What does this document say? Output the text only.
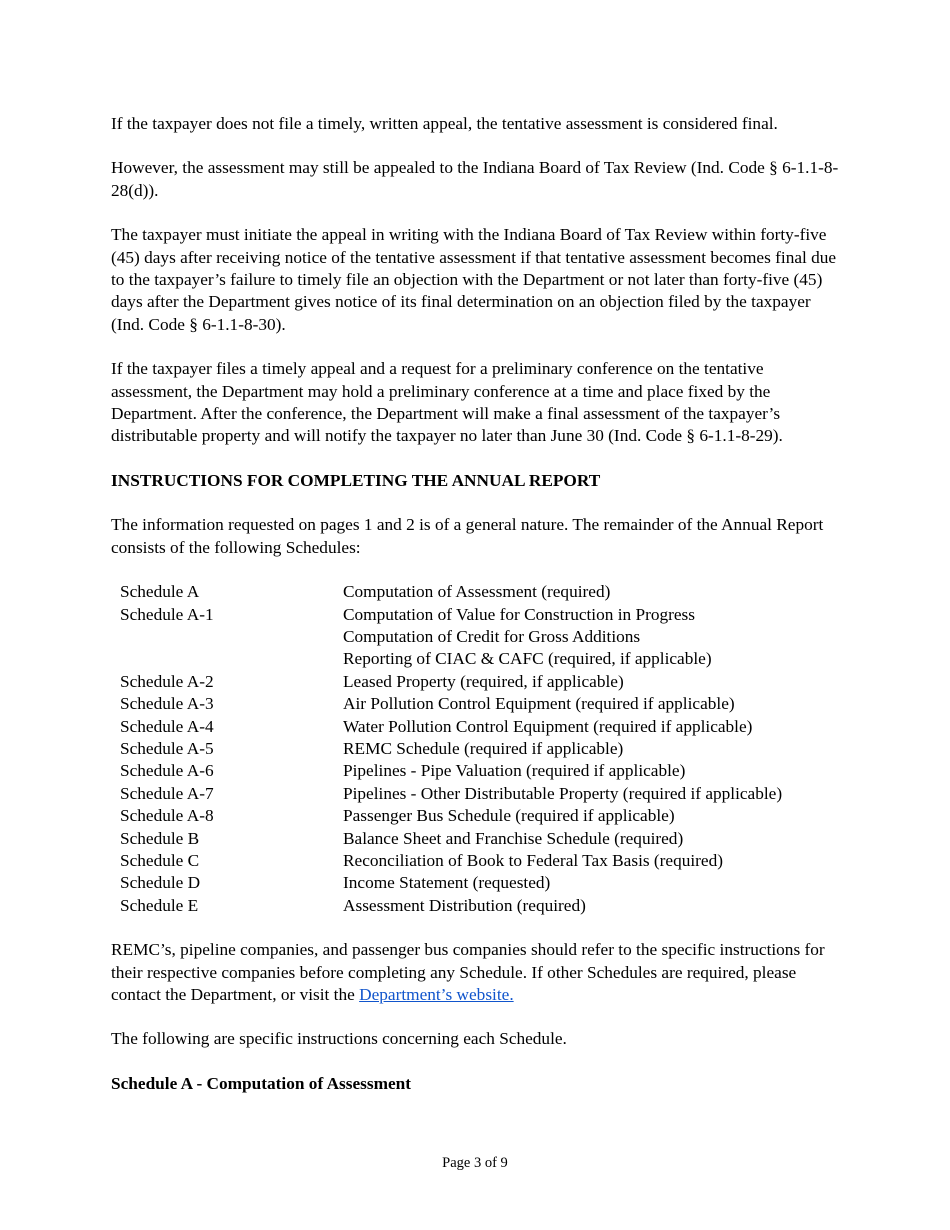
If the taxpayer does not file a timely, written appeal, the tentative assessment is considered final.

However, the assessment may still be appealed to the Indiana Board of Tax Review (Ind. Code § 6-1.1-8-28(d)).

The taxpayer must initiate the appeal in writing with the Indiana Board of Tax Review within forty-five (45) days after receiving notice of the tentative assessment if that tentative assessment becomes final due to the taxpayer’s failure to timely file an objection with the Department or not later than forty-five (45) days after the Department gives notice of its final determination on an objection filed by the taxpayer (Ind. Code § 6-1.1-8-30).

If the taxpayer files a timely appeal and a request for a preliminary conference on the tentative assessment, the Department may hold a preliminary conference at a time and place fixed by the Department. After the conference, the Department will make a final assessment of the taxpayer’s distributable property and will notify the taxpayer no later than June 30 (Ind. Code § 6-1.1-8-29).

INSTRUCTIONS FOR COMPLETING THE ANNUAL REPORT

The information requested on pages 1 and 2 is of a general nature. The remainder of the Annual Report consists of the following Schedules:

Schedule A	Computation of Assessment (required)
Schedule A-1	Computation of Value for Construction in Progress
Computation of Credit for Gross Additions
Reporting of CIAC & CAFC (required, if applicable)
Schedule A-2	Leased Property (required, if applicable)
Schedule A-3	Air Pollution Control Equipment (required if applicable)
Schedule A-4	Water Pollution Control Equipment (required if applicable)
Schedule A-5	REMC Schedule (required if applicable)
Schedule A-6	Pipelines - Pipe Valuation (required if applicable)
Schedule A-7	Pipelines - Other Distributable Property (required if applicable)
Schedule A-8	Passenger Bus Schedule (required if applicable)
Schedule B	Balance Sheet and Franchise Schedule (required)
Schedule C	Reconciliation of Book to Federal Tax Basis (required)
Schedule D	Income Statement (requested)
Schedule E	Assessment Distribution (required)

REMC’s, pipeline companies, and passenger bus companies should refer to the specific instructions for their respective companies before completing any Schedule. If other Schedules are required, please contact the Department, or visit the Department’s website.

The following are specific instructions concerning each Schedule.

Schedule A - Computation of Assessment

Page 3 of 9
